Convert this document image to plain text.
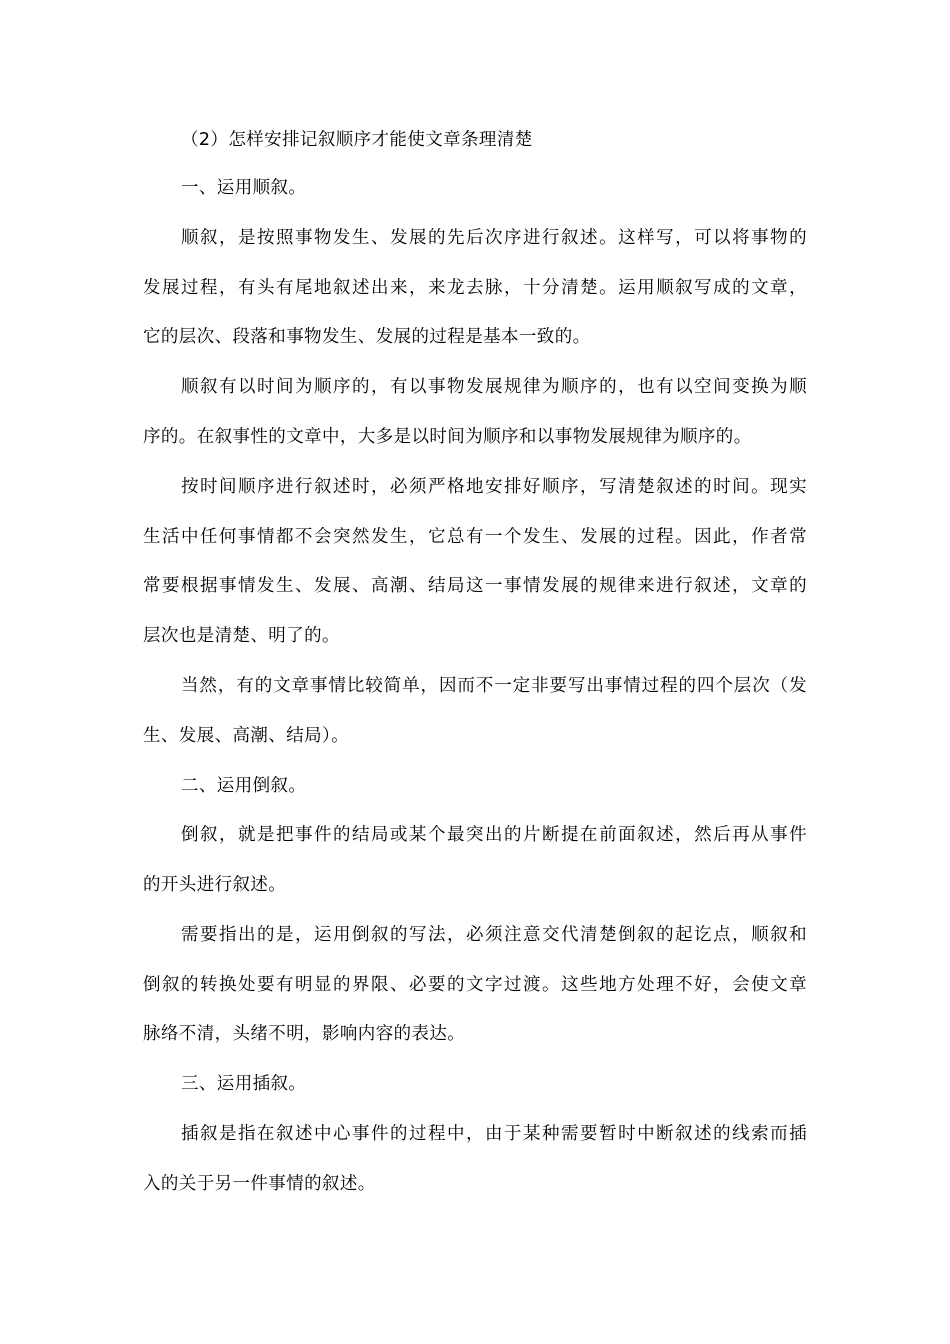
（2）怎样安排记叙顺序才能使文章条理清楚
一、运用顺叙。
顺叙，是按照事物发生、发展的先后次序进行叙述。这样写，可以将事物的
发展过程，有头有尾地叙述出来，来龙去脉，十分清楚。运用顺叙写成的文章，
它的层次、段落和事物发生、发展的过程是基本一致的。
顺叙有以时间为顺序的，有以事物发展规律为顺序的，也有以空间变换为顺
序的。在叙事性的文章中，大多是以时间为顺序和以事物发展规律为顺序的。
按时间顺序进行叙述时，必须严格地安排好顺序，写清楚叙述的时间。现实
生活中任何事情都不会突然发生，它总有一个发生、发展的过程。因此，作者常
常要根据事情发生、发展、高潮、结局这一事情发展的规律来进行叙述，文章的
层次也是清楚、明了的。
当然，有的文章事情比较简单，因而不一定非要写出事情过程的四个层次（发
生、发展、高潮、结局）。
二、运用倒叙。
倒叙，就是把事件的结局或某个最突出的片断提在前面叙述，然后再从事件
的开头进行叙述。
需要指出的是，运用倒叙的写法，必须注意交代清楚倒叙的起讫点，顺叙和
倒叙的转换处要有明显的界限、必要的文字过渡。这些地方处理不好，会使文章
脉络不清，头绪不明，影响内容的表达。
三、运用插叙。
插叙是指在叙述中心事件的过程中，由于某种需要暂时中断叙述的线索而插
入的关于另一件事情的叙述。
